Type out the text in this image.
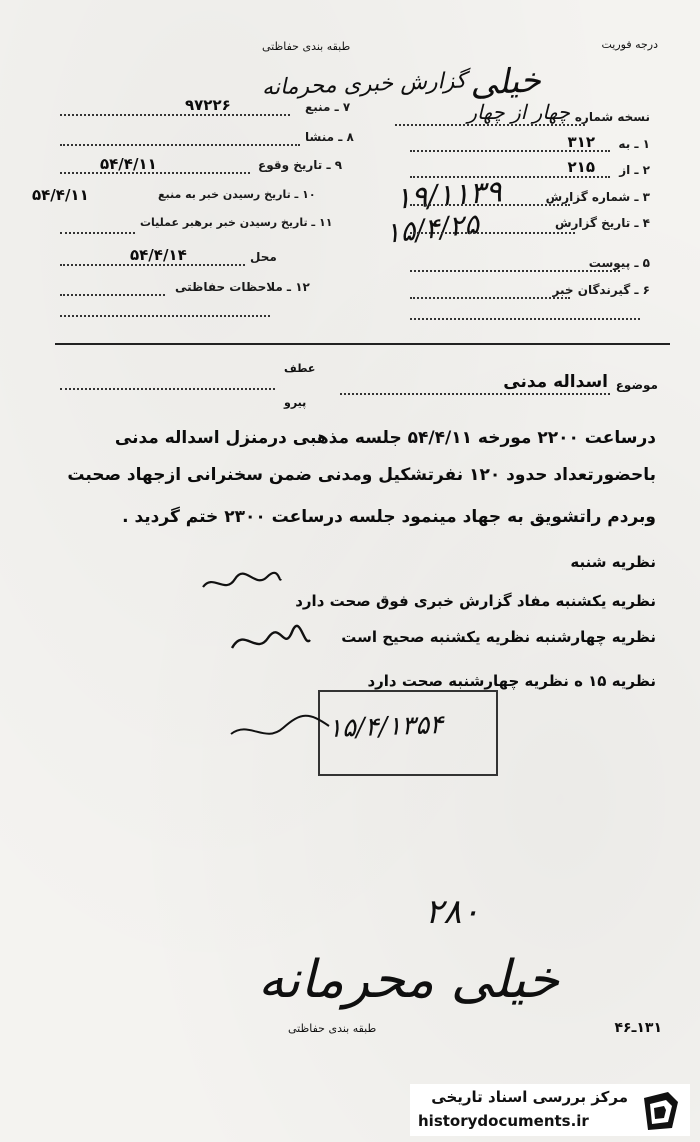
درجه فوریت
طبقه بندی حفاظتی
خیلی
گزارش خبری محرمانه
نسخه شماره
چهار از چهار
۱ ـ به
۳۱۲
۲ ـ از
۲۱۵
۳ ـ شماره گزارش
۱۹/۱۱۳۹
۴ ـ تاریخ گزارش
۱۵/۴/۲۵
۵ ـ پیوست
۶ ـ گیرندگان خبر
۷ ـ منبع
۹۷۲۲۶
۸ ـ منشا
۹ ـ تاریخ وقوع
۵۴/۴/۱۱
۱۰ ـ تاریخ رسیدن خبر به منبع
۵۴/۴/۱۱
۱۱ ـ تاریخ رسیدن خبر برهبر عملیات
محل
۵۴/۴/۱۴
۱۲ ـ ملاحظات حفاظتی
عطف
پیرو
موضوع
اسداله مدنی
درساعت ۲۲۰۰ مورخه ۵۴/۴/۱۱ جلسه مذهبی درمنزل اسداله مدنی
باحضورتعداد حدود ۱۲۰ نفرتشکیل ومدنی ضمن سخنرانی ازجهاد صحبت
وبردم راتشویق به جهاد مینمود جلسه درساعت ۲۳۰۰ ختم گردید .
نظریه شنبه
نظریه یکشنبه مفاد گزارش خبری فوق صحت دارد
نظریه چهارشنبه نظریه یکشنبه صحیح است
نظریه ۱۵ ه نظریه چهارشنبه صحت دارد
۱۵/۴/۱۳۵۴
۲۸۰
خیلی محرمانه
طبقه بندی حفاظتی	۱۳۱ـ۴۶
مرکز بررسی اسناد تاریخی
historydocuments.ir
